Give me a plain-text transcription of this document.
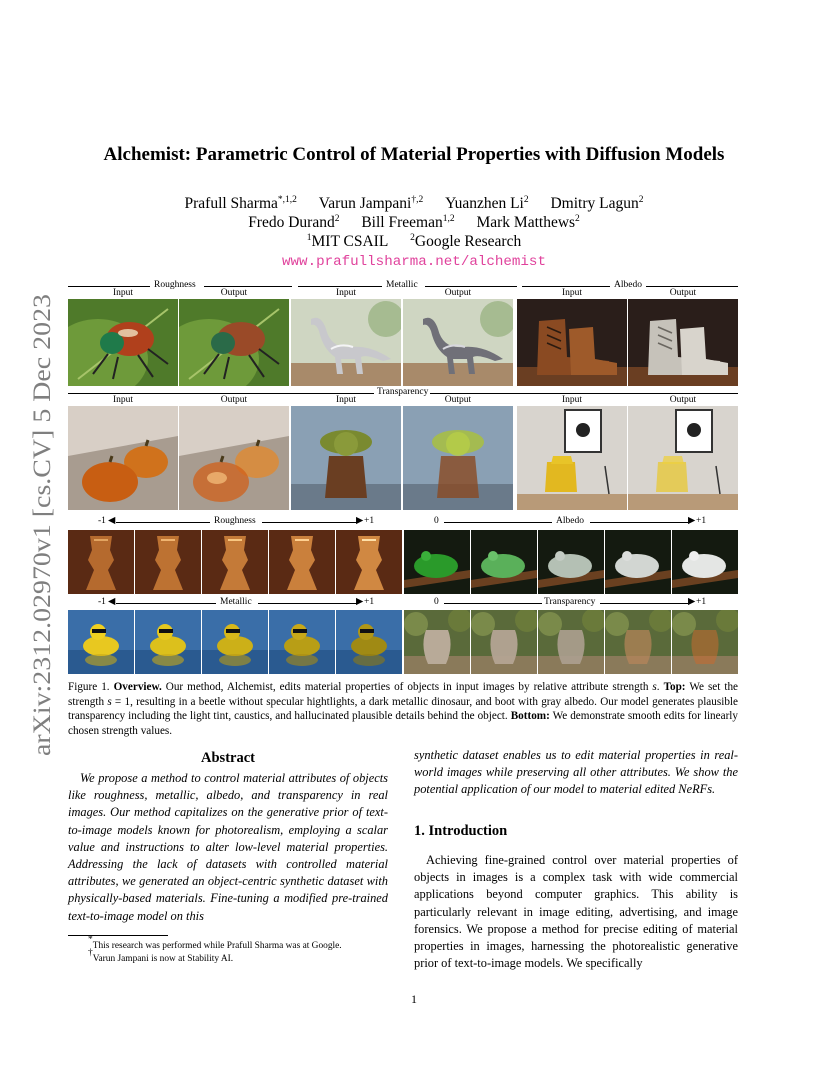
arXiv:2312.02970v1 [cs.CV] 5 Dec 2023
Alchemist: Parametric Control of Material Properties with Diffusion Models
Prafull Sharma$^{*,1,2}$ Varun Jampani$^{\dagger,2}$ Yuanzhen Li$^2$ Dmitry Lagun$^2$
Fredo Durand$^2$ Bill Freeman$^{1,2}$ Mark Matthews$^2$
$^1$MIT CSAIL $^2$Google Research
www.prafullsharma.net/alchemist
Roughness
Input	Output
Metallic
Input	Output
Albedo
Input	Output
Transparency
Input	Output	Input	Output	Input	Output
-1 ◀	Roughness	▶ +1	0	Albedo	▶ +1
-1 ◀	Metallic	▶ +1	0	Transparency	▶ +1
Figure 1. Overview. Our method, Alchemist, edits material properties of objects in input images by relative attribute strength s. Top: We set the strength s = 1, resulting in a beetle without specular hightlights, a dark metallic dinosaur, and boot with gray albedo. Our model generates plausible transparency including the light tint, caustics, and hallucinated plausible details behind the object. Bottom: We demonstrate smooth edits for linearly chosen strength values.
Abstract
We propose a method to control material attributes of objects like roughness, metallic, albedo, and transparency in real images. Our method capitalizes on the generative prior of text-to-image models known for photorealism, employing a scalar value and instructions to alter low-level material properties. Addressing the lack of datasets with controlled material attributes, we generated an object-centric synthetic dataset with physically-based materials. Fine-tuning a modified pre-trained text-to-image model on this
synthetic dataset enables us to edit material properties in real-world images while preserving all other attributes. We show the potential application of our model to material edited NeRFs.
1. Introduction
Achieving fine-grained control over material properties of objects in images is a complex task with wide commercial applications beyond computer graphics. This ability is particularly relevant in image editing, advertising, and image forensics. We propose a method for precise editing of material properties in images, harnessing the photorealistic generative prior of text-to-image models. We specifically
*This research was performed while Prafull Sharma was at Google.
†Varun Jampani is now at Stability AI.
1
